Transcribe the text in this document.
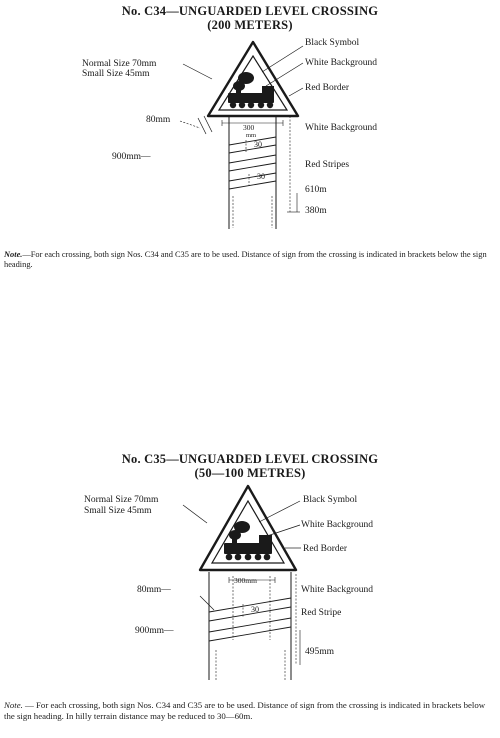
No. C34—UNGUARDED LEVEL CROSSING
(200 METERS)
Normal Size 70mm
Small Size 45mm
Black Symbol
White Background
Red Border
80mm
300
mm
White Background
900mm—
Red Stripes
30
30
610m
380m
Note.—For each crossing, both sign Nos. C34 and C35 are to be used. Distance of sign from the crossing is indicated in brackets below the sign heading.
No. C35—UNGUARDED LEVEL CROSSING
(50—100 METRES)
Normal Size 70mm
Small Size 45mm
Black Symbol
White Background
Red Border
80mm—
300mm
White Background
30	Red Stripe
900mm—
495mm
Note. — For each crossing, both sign Nos. C34 and C35 are to be used. Distance of sign from the crossing is indicated in brackets below the sign heading. In hilly terrain distance may be reduced to 30—60m.
